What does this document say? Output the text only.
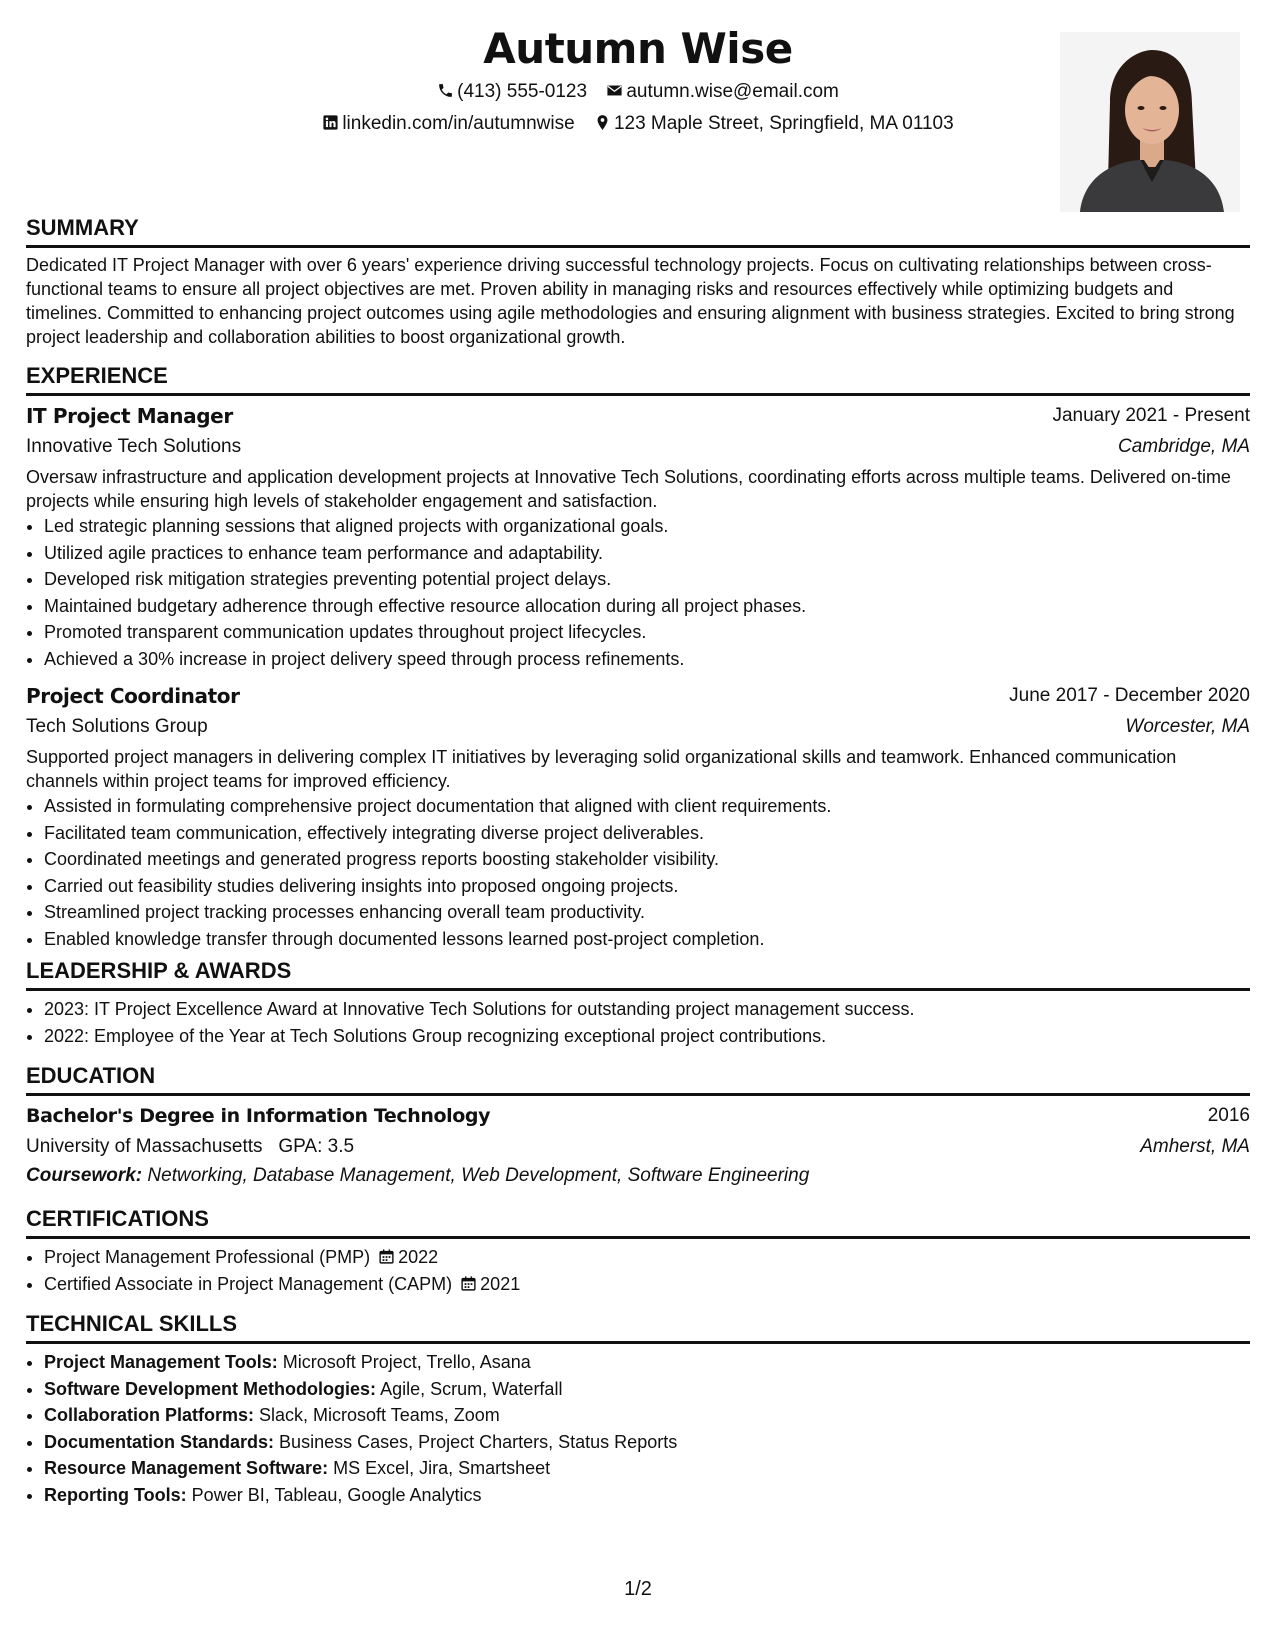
Autumn Wise
(413) 555-0123 autumn.wise@email.com
linkedin.com/in/autumnwise 123 Maple Street, Springfield, MA 01103
SUMMARY
Dedicated IT Project Manager with over 6 years' experience driving successful technology projects. Focus on cultivating relationships between cross-functional teams to ensure all project objectives are met. Proven ability in managing risks and resources effectively while optimizing budgets and timelines. Committed to enhancing project outcomes using agile methodologies and ensuring alignment with business strategies. Excited to bring strong project leadership and collaboration abilities to boost organizational growth.
EXPERIENCE
IT Project Manager	January 2021 - Present
Innovative Tech Solutions	Cambridge, MA
Oversaw infrastructure and application development projects at Innovative Tech Solutions, coordinating efforts across multiple teams. Delivered on-time projects while ensuring high levels of stakeholder engagement and satisfaction.
• Led strategic planning sessions that aligned projects with organizational goals.
• Utilized agile practices to enhance team performance and adaptability.
• Developed risk mitigation strategies preventing potential project delays.
• Maintained budgetary adherence through effective resource allocation during all project phases.
• Promoted transparent communication updates throughout project lifecycles.
• Achieved a 30% increase in project delivery speed through process refinements.
Project Coordinator	June 2017 - December 2020
Tech Solutions Group	Worcester, MA
Supported project managers in delivering complex IT initiatives by leveraging solid organizational skills and teamwork. Enhanced communication channels within project teams for improved efficiency.
• Assisted in formulating comprehensive project documentation that aligned with client requirements.
• Facilitated team communication, effectively integrating diverse project deliverables.
• Coordinated meetings and generated progress reports boosting stakeholder visibility.
• Carried out feasibility studies delivering insights into proposed ongoing projects.
• Streamlined project tracking processes enhancing overall team productivity.
• Enabled knowledge transfer through documented lessons learned post-project completion.
LEADERSHIP & AWARDS
• 2023: IT Project Excellence Award at Innovative Tech Solutions for outstanding project management success.
• 2022: Employee of the Year at Tech Solutions Group recognizing exceptional project contributions.
EDUCATION
Bachelor's Degree in Information Technology	2016
University of Massachusetts GPA: 3.5	Amherst, MA
Coursework: Networking, Database Management, Web Development, Software Engineering
CERTIFICATIONS
• Project Management Professional (PMP) 2022
• Certified Associate in Project Management (CAPM) 2021
TECHNICAL SKILLS
• Project Management Tools: Microsoft Project, Trello, Asana
• Software Development Methodologies: Agile, Scrum, Waterfall
• Collaboration Platforms: Slack, Microsoft Teams, Zoom
• Documentation Standards: Business Cases, Project Charters, Status Reports
• Resource Management Software: MS Excel, Jira, Smartsheet
• Reporting Tools: Power BI, Tableau, Google Analytics
1/2
